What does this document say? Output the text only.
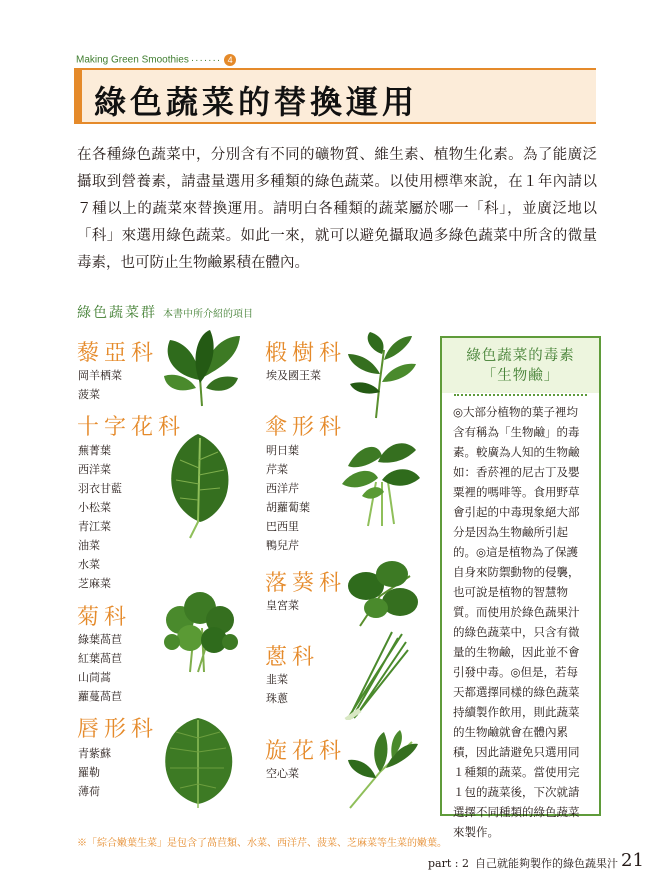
Making Green Smoothies ······· 4
綠色蔬菜的替換運用
在各種綠色蔬菜中，分別含有不同的礦物質、維生素、植物生化素。為了能廣泛攝取到營養素，請盡量選用多種類的綠色蔬菜。以使用標準來說，在１年內請以７種以上的蔬菜來替換運用。請明白各種類的蔬菜屬於哪一「科」，並廣泛地以「科」來選用綠色蔬菜。如此一來，就可以避免攝取過多綠色蔬菜中所含的微量毒素，也可防止生物鹼累積在體內。
綠色蔬菜群 本書中所介紹的項目
藜亞科
岡羊栖菜
菠菜
十字花科
蕪菁葉
西洋菜
羽衣甘藍
小松菜
青江菜
油菜
水菜
芝麻菜
菊科
綠葉萵苣
紅葉萵苣
山茼蒿
蘿蔓萵苣
唇形科
青紫蘇
羅勒
薄荷
椴樹科
埃及國王菜
傘形科
明日葉
芹菜
西洋芹
胡蘿蔔葉
巴西里
鴨兒芹
落葵科
皇宮菜
蔥科
韭菜
珠蔥
旋花科
空心菜
綠色蔬菜的毒素
「生物鹼」
◎大部分植物的葉子裡均含有稱為「生物鹼」的毒素。較廣為人知的生物鹼如：香菸裡的尼古丁及嬰粟裡的嗎啡等。食用野草會引起的中毒現象絕大部分是因為生物鹼所引起的。◎這是植物為了保護自身來防禦動物的侵襲，也可說是植物的智慧物質。而使用於綠色蔬果汁的綠色蔬菜中，只含有微量的生物鹼，因此並不會引發中毒。◎但是，若每天都選擇同樣的綠色蔬菜持續製作飲用，則此蔬菜的生物鹼就會在體內累積，因此請避免只選用同１種類的蔬菜。當使用完１包的蔬菜後，下次就請選擇不同種類的綠色蔬菜來製作。
※「綜合嫩葉生菜」是包含了萵苣類、水菜、西洋芹、菠菜、芝麻菜等生菜的嫩葉。
part : 2 自己就能夠製作的綠色蔬果汁 21
